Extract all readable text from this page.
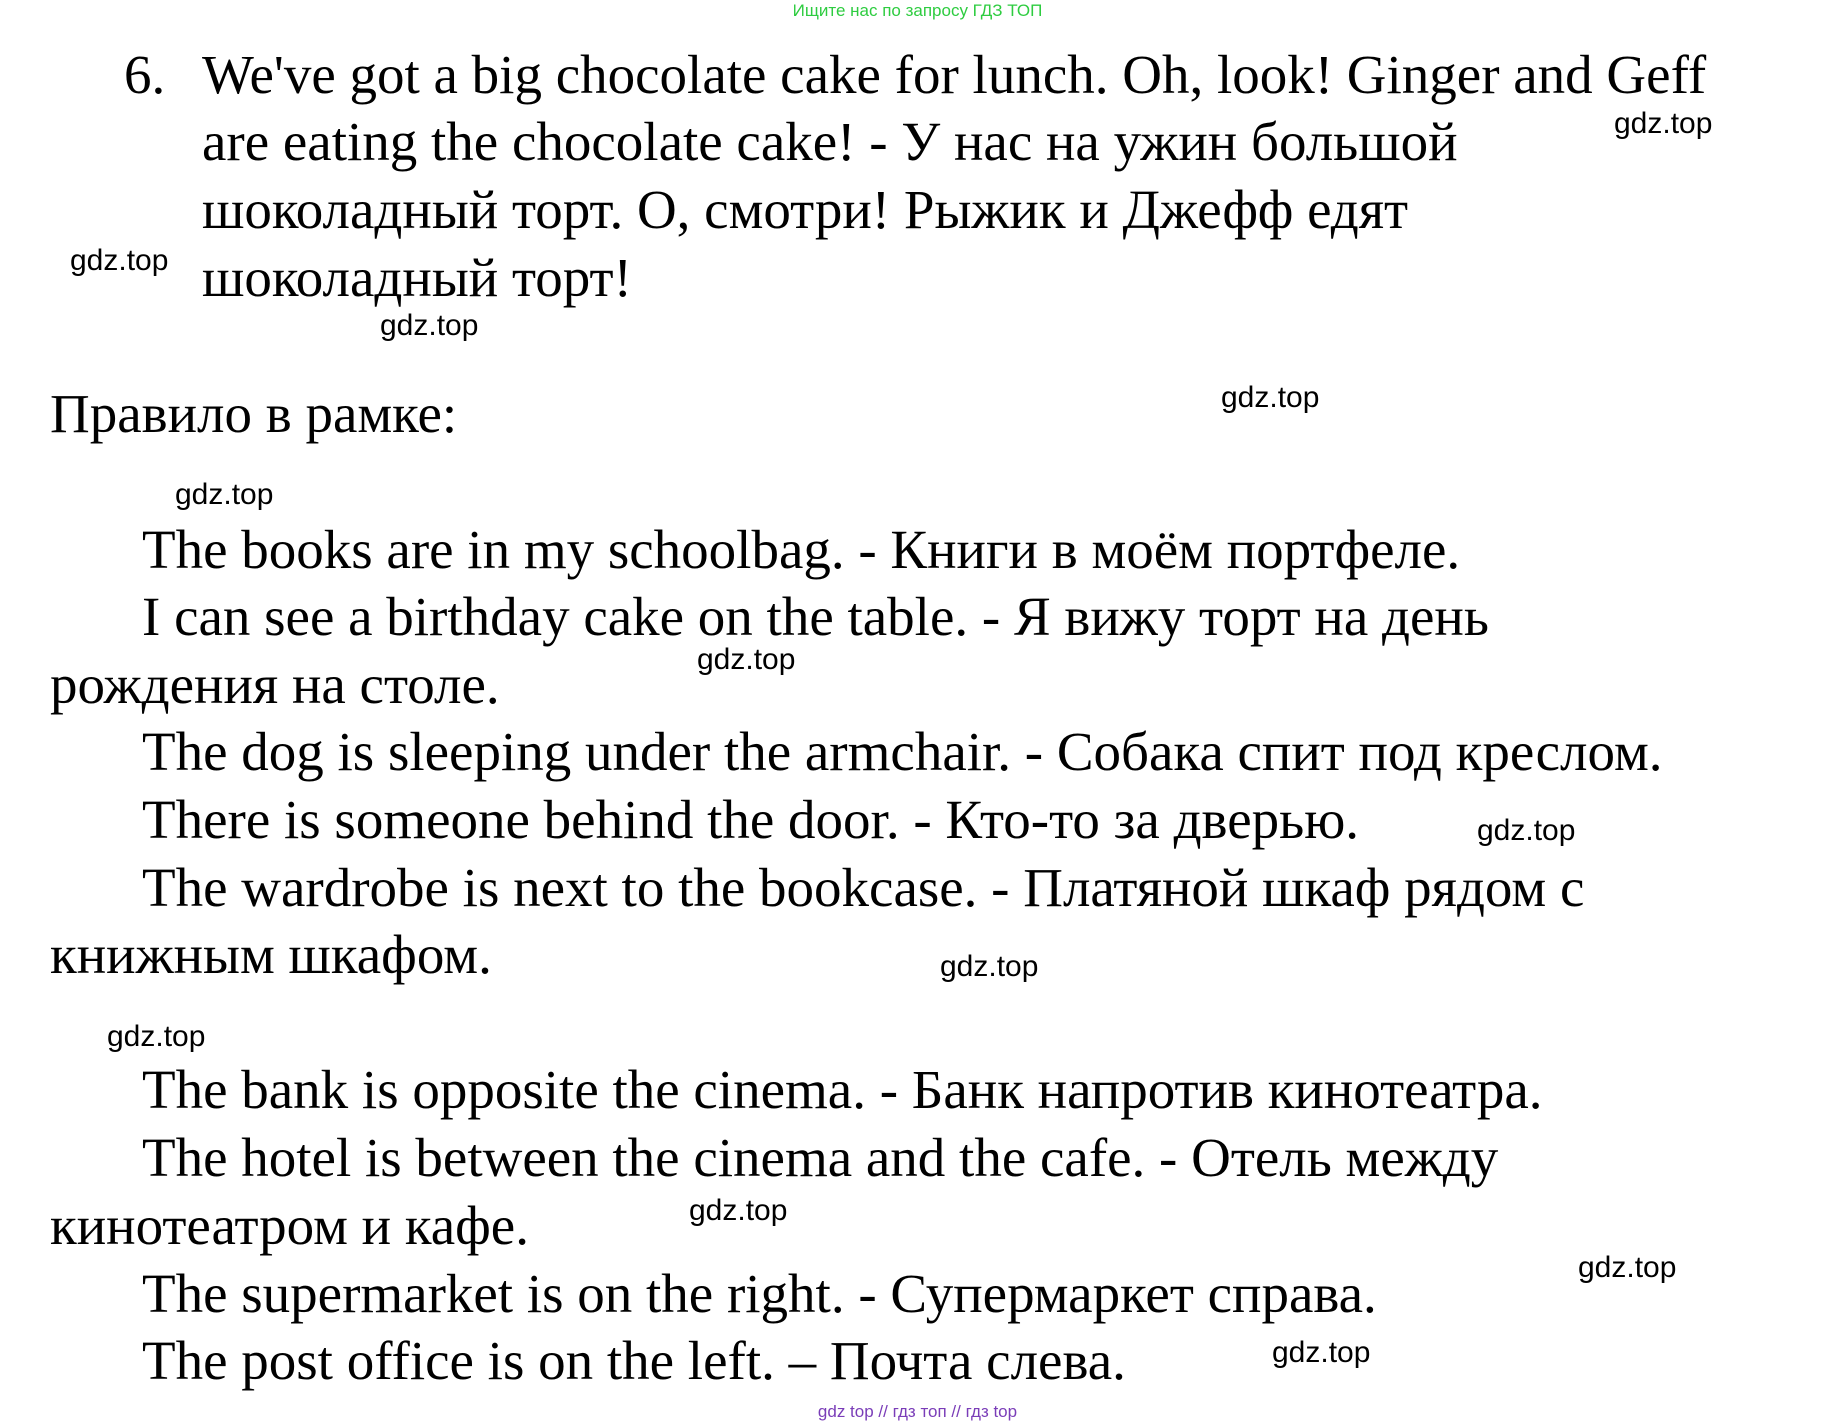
Ищите нас по запросу ГДЗ ТОП
6. We've got a big chocolate cake for lunch. Oh, look! Ginger and Geff
are eating the chocolate cake! - У нас на ужин большой
шоколадный торт. О, смотри! Рыжик и Джефф едят
шоколадный торт!
Правило в рамке:
The books are in my schoolbag. - Книги в моём портфеле.
I can see a birthday cake on the table. - Я вижу торт на день
рождения на столе.
The dog is sleeping under the armchair. - Собака спит под креслом.
There is someone behind the door. - Кто-то за дверью.
The wardrobe is next to the bookcase. - Платяной шкаф рядом с
книжным шкафом.
The bank is opposite the cinema. - Банк напротив кинотеатра.
The hotel is between the cinema and the cafe. - Отель между
кинотеатром и кафе.
The supermarket is on the right. - Супермаркет справа.
The post office is on the left. – Почта слева.
gdz.top
gdz.top
gdz.top
gdz.top
gdz.top
gdz.top
gdz.top
gdz.top
gdz.top
gdz.top
gdz.top
gdz.top
gdz top // гдз топ // гдз top
